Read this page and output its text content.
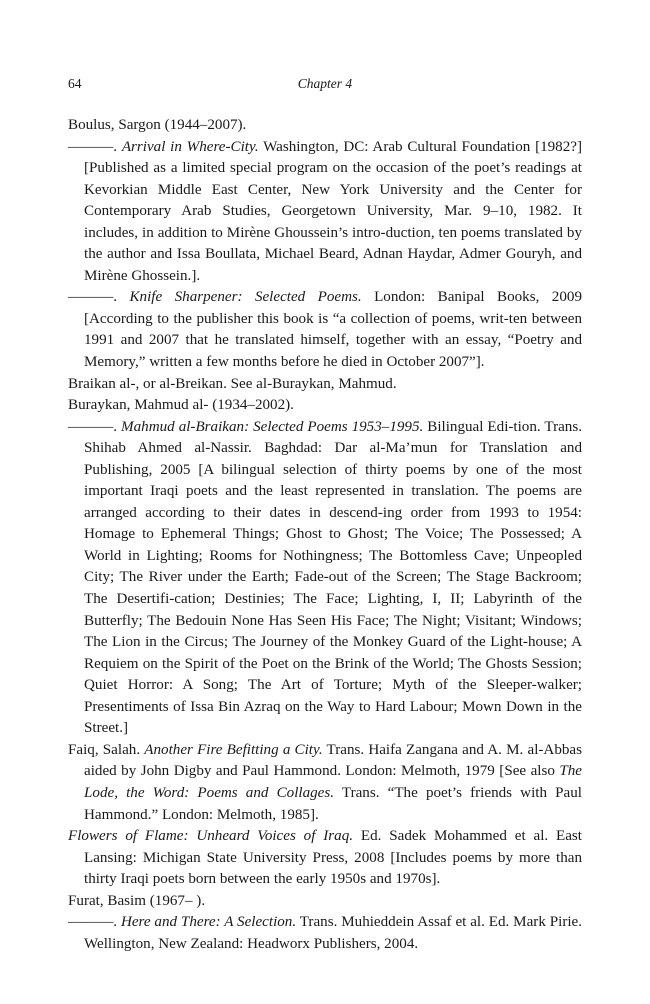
64	Chapter 4

Boulus, Sargon (1944–2007).

———. Arrival in Where-City. Washington, DC: Arab Cultural Foundation [1982?] [Published as a limited special program on the occasion of the poet’s readings at Kevorkian Middle East Center, New York University and the Center for Contemporary Arab Studies, Georgetown University, Mar. 9–10, 1982. It includes, in addition to Mirène Ghoussein’s intro-duction, ten poems translated by the author and Issa Boullata, Michael Beard, Adnan Haydar, Admer Gouryh, and Mirène Ghossein.].

———. Knife Sharpener: Selected Poems. London: Banipal Books, 2009 [According to the publisher this book is “a collection of poems, writ-ten between 1991 and 2007 that he translated himself, together with an essay, “Poetry and Memory,” written a few months before he died in October 2007”].

Braikan al-, or al-Breikan. See al-Buraykan, Mahmud.

Buraykan, Mahmud al- (1934–2002).

———. Mahmud al-Braikan: Selected Poems 1953–1995. Bilingual Edi-tion. Trans. Shihab Ahmed al-Nassir. Baghdad: Dar al-Ma’mun for Translation and Publishing, 2005 [A bilingual selection of thirty poems by one of the most important Iraqi poets and the least represented in translation. The poems are arranged according to their dates in descend-ing order from 1993 to 1954: Homage to Ephemeral Things; Ghost to Ghost; The Voice; The Possessed; A World in Lighting; Rooms for Nothingness; The Bottomless Cave; Unpeopled City; The River under the Earth; Fade-out of the Screen; The Stage Backroom; The Desertifi-cation; Destinies; The Face; Lighting, I, II; Labyrinth of the Butterfly; The Bedouin None Has Seen His Face; The Night; Visitant; Windows; The Lion in the Circus; The Journey of the Monkey Guard of the Light-house; A Requiem on the Spirit of the Poet on the Brink of the World; The Ghosts Session; Quiet Horror: A Song; The Art of Torture; Myth of the Sleeper-walker; Presentiments of Issa Bin Azraq on the Way to Hard Labour; Mown Down in the Street.]

Faiq, Salah. Another Fire Befitting a City. Trans. Haifa Zangana and A. M. al-Abbas aided by John Digby and Paul Hammond. London: Melmoth, 1979 [See also The Lode, the Word: Poems and Collages. Trans. “The poet’s friends with Paul Hammond.” London: Melmoth, 1985].

Flowers of Flame: Unheard Voices of Iraq. Ed. Sadek Mohammed et al. East Lansing: Michigan State University Press, 2008 [Includes poems by more than thirty Iraqi poets born between the early 1950s and 1970s].

Furat, Basim (1967– ).

———. Here and There: A Selection. Trans. Muhieddein Assaf et al. Ed. Mark Pirie. Wellington, New Zealand: Headworx Publishers, 2004.
